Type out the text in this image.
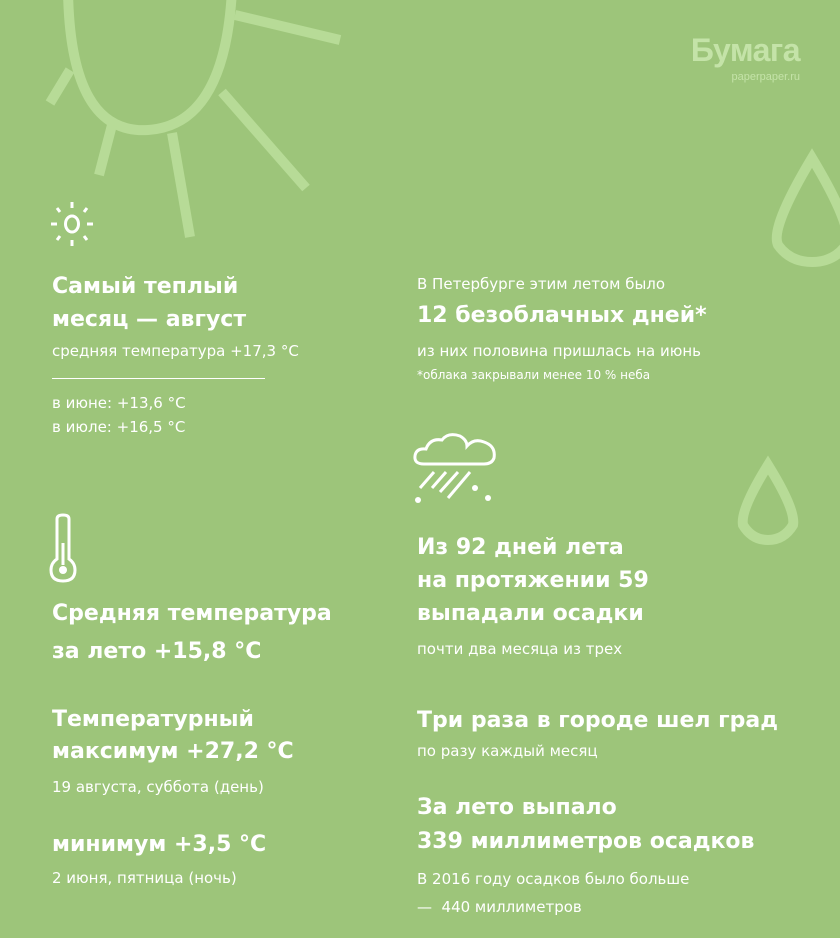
Бумага
paperpaper.ru
Самый теплый
месяц — август
средняя температура +17,3 °C
в июне: +13,6 °C
в июле: +16,5 °C
Средняя температура
за лето +15,8 °C
Температурный
максимум +27,2 °C
19 августа, суббота (день)
минимум +3,5 °C
2 июня, пятница (ночь)
В Петербурге этим летом было
12 безоблачных дней*
из них половина пришлась на июнь
*облака закрывали менее 10 % неба
Из 92 дней лета
на протяжении 59
выпадали осадки
почти два месяца из трех
Три раза в городе шел град
по разу каждый месяц
За лето выпало
339 миллиметров осадков
В 2016 году осадков было больше
—  440 миллиметров
